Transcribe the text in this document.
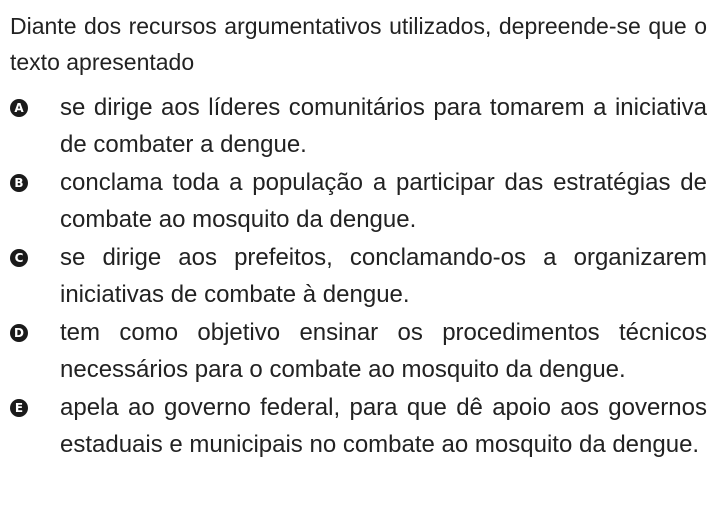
Diante dos recursos argumentativos utilizados, depreende-se que o texto apresentado

A se dirige aos líderes comunitários para tomarem a iniciativa de combater a dengue.
B conclama toda a população a participar das estratégias de combate ao mosquito da dengue.
C se dirige aos prefeitos, conclamando-os a organizarem iniciativas de combate à dengue.
D tem como objetivo ensinar os procedimentos técnicos necessários para o combate ao mosquito da dengue.
E apela ao governo federal, para que dê apoio aos governos estaduais e municipais no combate ao mosquito da dengue.
